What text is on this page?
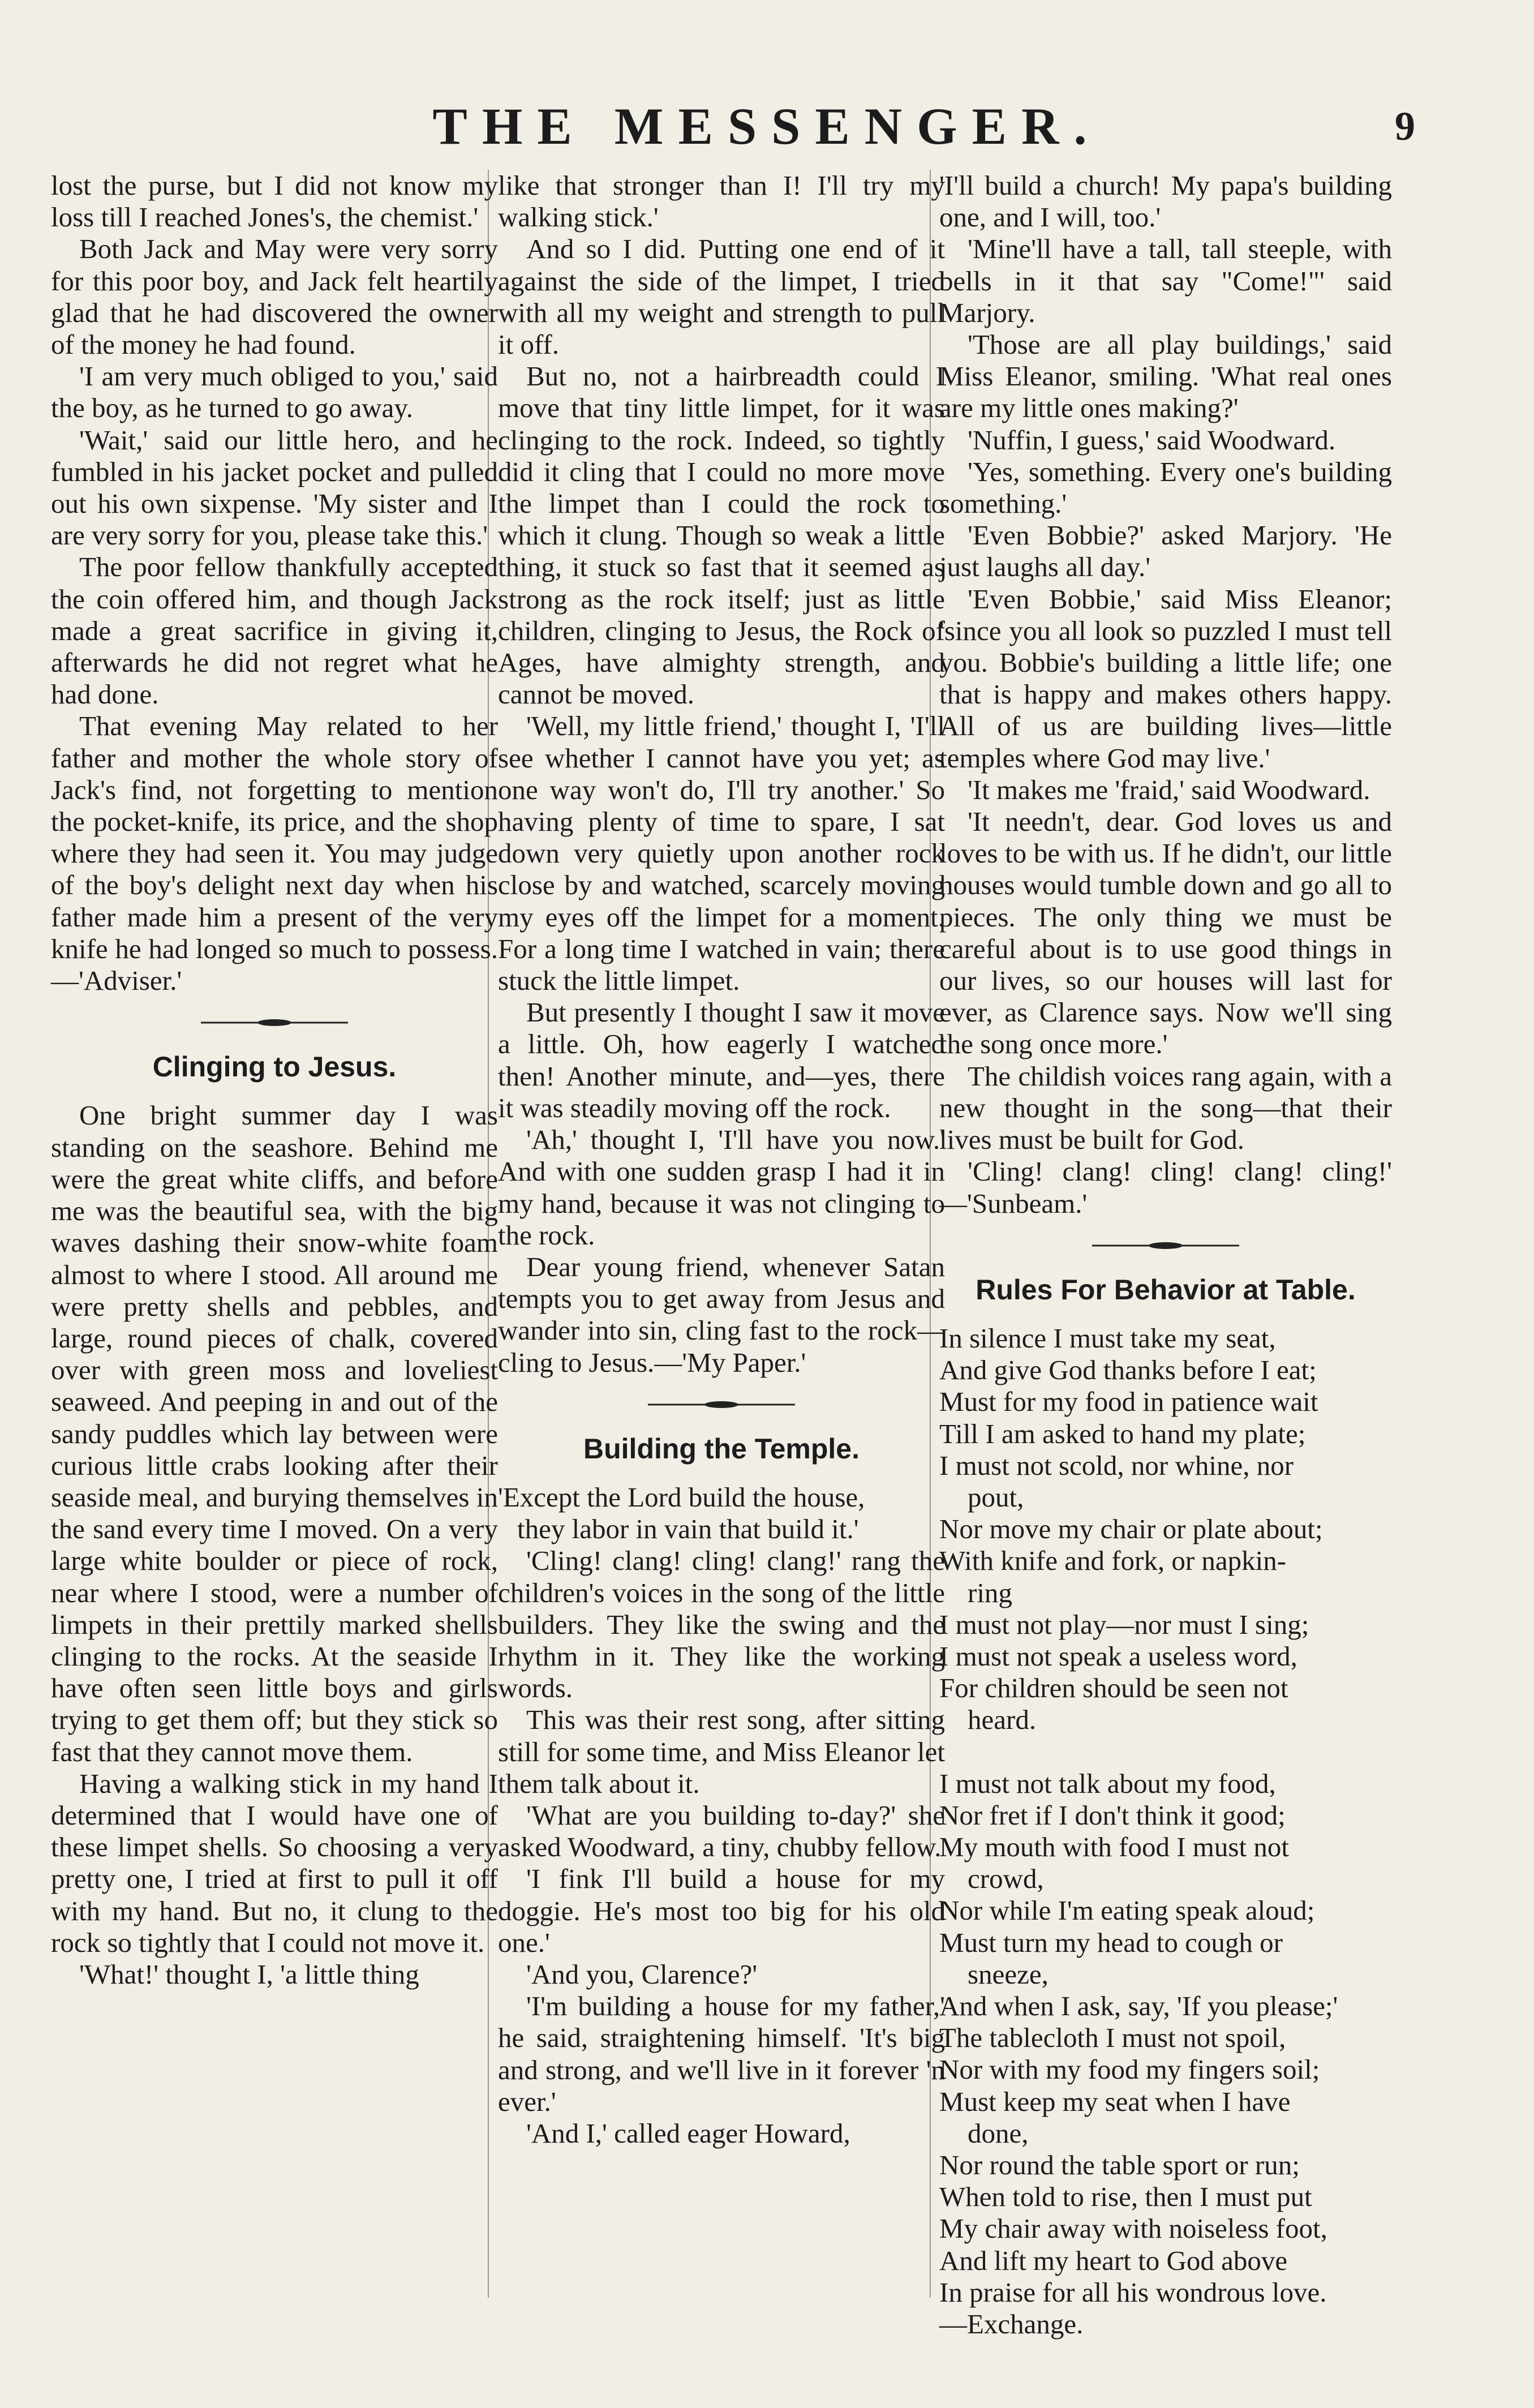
THE MESSENGER.	9

lost the purse, but I did not know my loss till I reached Jones's, the chemist.'

Both Jack and May were very sorry for this poor boy, and Jack felt heartily glad that he had discovered the owner of the money he had found.

'I am very much obliged to you,' said the boy, as he turned to go away.

'Wait,' said our little hero, and he fumbled in his jacket pocket and pulled out his own sixpense. 'My sister and I are very sorry for you, please take this.'

The poor fellow thankfully accepted the coin offered him, and though Jack made a great sacrifice in giving it, afterwards he did not regret what he had done.

That evening May related to her father and mother the whole story of Jack's find, not forgetting to mention the pocket-knife, its price, and the shop where they had seen it. You may judge of the boy's delight next day when his father made him a present of the very knife he had longed so much to possess.—'Adviser.'

Clinging to Jesus.

One bright summer day I was standing on the seashore. Behind me were the great white cliffs, and before me was the beautiful sea, with the big waves dashing their snow-white foam almost to where I stood. All around me were pretty shells and pebbles, and large, round pieces of chalk, covered over with green moss and loveliest seaweed. And peeping in and out of the sandy puddles which lay between were curious little crabs looking after their seaside meal, and burying themselves in the sand every time I moved. On a very large white boulder or piece of rock, near where I stood, were a number of limpets in their prettily marked shells clinging to the rocks. At the seaside I have often seen little boys and girls trying to get them off; but they stick so fast that they cannot move them.

Having a walking stick in my hand I determined that I would have one of these limpet shells. So choosing a very pretty one, I tried at first to pull it off with my hand. But no, it clung to the rock so tightly that I could not move it.

'What!' thought I, 'a little thing

like that stronger than I! I'll try my walking stick.'

And so I did. Putting one end of it against the side of the limpet, I tried with all my weight and strength to pull it off.

But no, not a hairbreadth could I move that tiny little limpet, for it was clinging to the rock. Indeed, so tightly did it cling that I could no more move the limpet than I could the rock to which it clung. Though so weak a little thing, it stuck so fast that it seemed as strong as the rock itself; just as little children, clinging to Jesus, the Rock of Ages, have almighty strength, and cannot be moved.

'Well, my little friend,' thought I, 'I'll see whether I cannot have you yet; as one way won't do, I'll try another.' So having plenty of time to spare, I sat down very quietly upon another rock close by and watched, scarcely moving my eyes off the limpet for a moment. For a long time I watched in vain; there stuck the little limpet.

But presently I thought I saw it move a little. Oh, how eagerly I watched then! Another minute, and—yes, there it was steadily moving off the rock.

'Ah,' thought I, 'I'll have you now.' And with one sudden grasp I had it in my hand, because it was not clinging to the rock.

Dear young friend, whenever Satan tempts you to get away from Jesus and wander into sin, cling fast to the rock—cling to Jesus.—'My Paper.'

Building the Temple.
'Except the Lord build the house,
they labor in vain that build it.'

'Cling! clang! cling! clang!' rang the children's voices in the song of the little builders. They like the swing and the rhythm in it. They like the working words.

This was their rest song, after sitting still for some time, and Miss Eleanor let them talk about it.

'What are you building to-day?' she asked Woodward, a tiny, chubby fellow.

'I fink I'll build a house for my doggie. He's most too big for his old one.'

'And you, Clarence?'

'I'm building a house for my father,' he said, straightening himself. 'It's big and strong, and we'll live in it forever 'n ever.'

'And I,' called eager Howard,

'I'll build a church! My papa's building one, and I will, too.'

'Mine'll have a tall, tall steeple, with bells in it that say "Come!"' said Marjory.

'Those are all play buildings,' said Miss Eleanor, smiling. 'What real ones are my little ones making?'

'Nuffin, I guess,' said Woodward.

'Yes, something. Every one's building something.'

'Even Bobbie?' asked Marjory. 'He just laughs all day.'

'Even Bobbie,' said Miss Eleanor; 'since you all look so puzzled I must tell you. Bobbie's building a little life; one that is happy and makes others happy. All of us are building lives—little temples where God may live.'

'It makes me 'fraid,' said Woodward.

'It needn't, dear. God loves us and loves to be with us. If he didn't, our little houses would tumble down and go all to pieces. The only thing we must be careful about is to use good things in our lives, so our houses will last for ever, as Clarence says. Now we'll sing the song once more.'

The childish voices rang again, with a new thought in the song—that their lives must be built for God.

'Cling! clang! cling! clang! cling!' —'Sunbeam.'

Rules For Behavior at Table.
In silence I must take my seat,
And give God thanks before I eat;
Must for my food in patience wait
Till I am asked to hand my plate;
I must not scold, nor whine, nor
pout,
Nor move my chair or plate about;
With knife and fork, or napkin-
ring
I must not play—nor must I sing;
I must not speak a useless word,
For children should be seen not
heard.
I must not talk about my food,
Nor fret if I don't think it good;
My mouth with food I must not
crowd,
Nor while I'm eating speak aloud;
Must turn my head to cough or
sneeze,
And when I ask, say, 'If you please;'
The tablecloth I must not spoil,
Nor with my food my fingers soil;
Must keep my seat when I have
done,
Nor round the table sport or run;
When told to rise, then I must put
My chair away with noiseless foot,
And lift my heart to God above
In praise for all his wondrous love.
—Exchange.
